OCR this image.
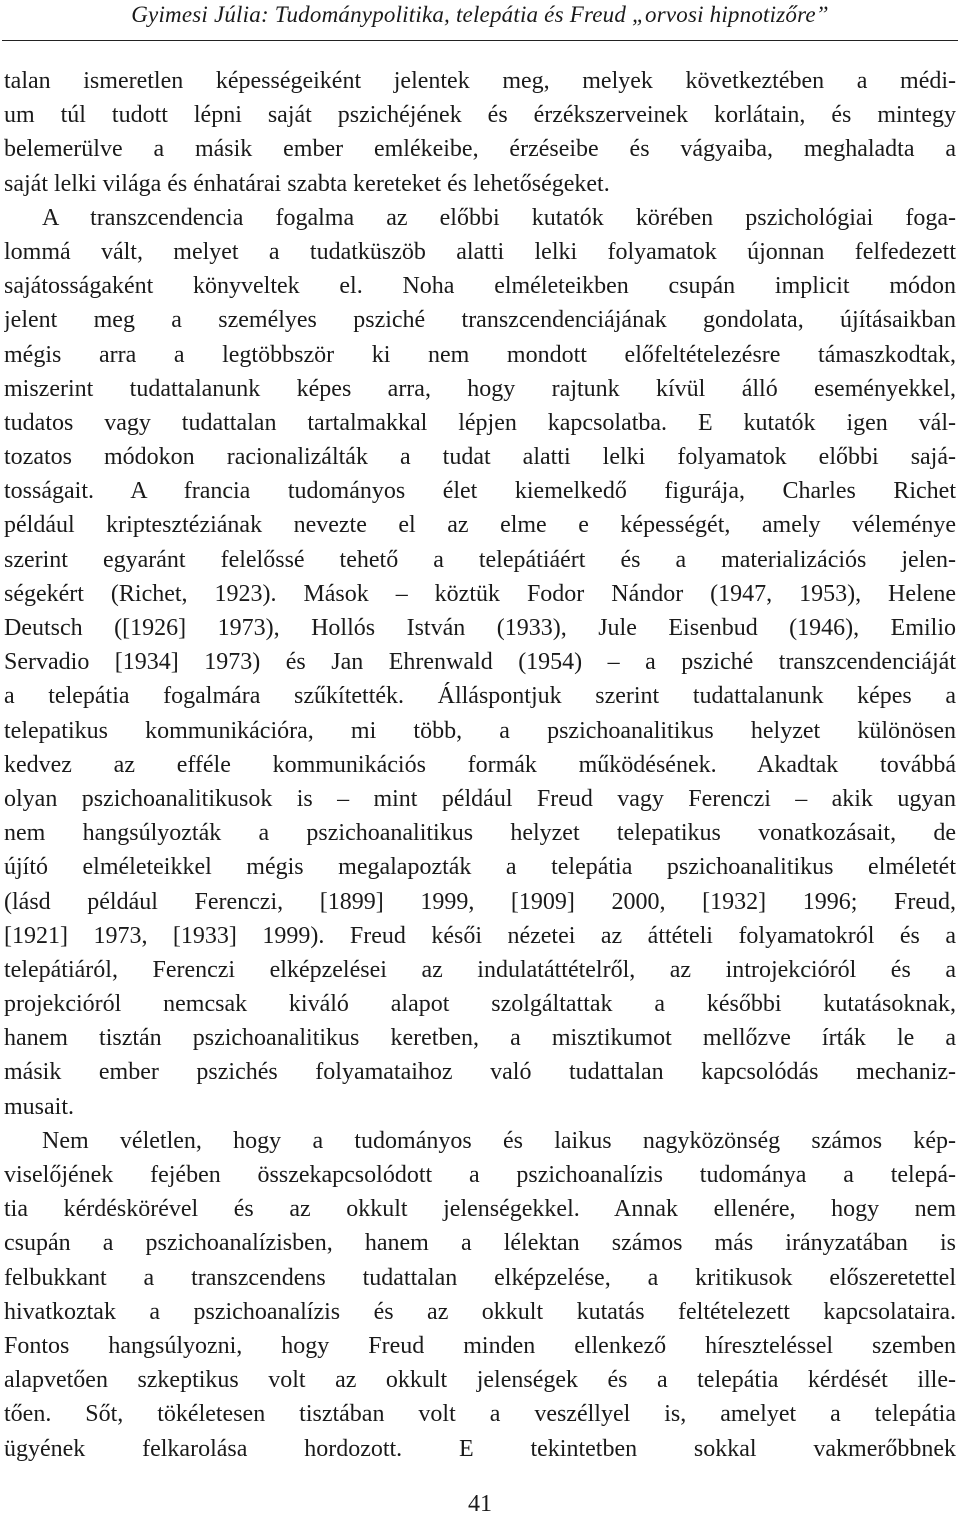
Gyimesi Júlia: Tudománypolitika, telepátia és Freud „orvosi hipnotizőre”
talan ismeretlen képességeiként jelentek meg, melyek következtében a médi-
um túl tudott lépni saját pszichéjének és érzékszerveinek korlátain, és mintegy
belemerülve a másik ember emlékeibe, érzéseibe és vágyaiba, meghaladta a
saját lelki világa és énhatárai szabta kereteket és lehetőségeket.
A transzcendencia fogalma az előbbi kutatók körében pszichológiai foga-
lommá vált, melyet a tudatküszöb alatti lelki folyamatok újonnan felfedezett
sajátosságaként könyveltek el. Noha elméleteikben csupán implicit módon
jelent meg a személyes psziché transzcendenciájának gondolata, újításaikban
mégis arra a legtöbbször ki nem mondott előfeltételezésre támaszkodtak,
miszerint tudattalanunk képes arra, hogy rajtunk kívül álló eseményekkel,
tudatos vagy tudattalan tartalmakkal lépjen kapcsolatba. E kutatók igen vál-
tozatos módokon racionalizálták a tudat alatti lelki folyamatok előbbi sajá-
tosságait. A francia tudományos élet kiemelkedő figurája, Charles Richet
például kriptesztéziának nevezte el az elme e képességét, amely véleménye
szerint egyaránt felelőssé tehető a telepátiáért és a materializációs jelen-
ségekért (Richet, 1923). Mások – köztük Fodor Nándor (1947, 1953), Helene
Deutsch ([1926] 1973), Hollós István (1933), Jule Eisenbud (1946), Emilio
Servadio [1934] 1973) és Jan Ehrenwald (1954) – a psziché transzcendenciáját
a telepátia fogalmára szűkítették. Álláspontjuk szerint tudattalanunk képes a
telepatikus kommunikációra, mi több, a pszichoanalitikus helyzet különösen
kedvez az efféle kommunikációs formák működésének. Akadtak továbbá
olyan pszichoanalitikusok is – mint például Freud vagy Ferenczi – akik ugyan
nem hangsúlyozták a pszichoanalitikus helyzet telepatikus vonatkozásait, de
újító elméleteikkel mégis megalapozták a telepátia pszichoanalitikus elméletét
(lásd például Ferenczi, [1899] 1999, [1909] 2000, [1932] 1996; Freud,
[1921] 1973, [1933] 1999). Freud késői nézetei az áttételi folyamatokról és a
telepátiáról, Ferenczi elképzelései az indulatáttételről, az introjekcióról és a
projekcióról nemcsak kiváló alapot szolgáltattak a későbbi kutatásoknak,
hanem tisztán pszichoanalitikus keretben, a misztikumot mellőzve írták le a
másik ember pszichés folyamataihoz való tudattalan kapcsolódás mechaniz-
musait.
Nem véletlen, hogy a tudományos és laikus nagyközönség számos kép-
viselőjének fejében összekapcsolódott a pszichoanalízis tudománya a telepá-
tia kérdéskörével és az okkult jelenségekkel. Annak ellenére, hogy nem
csupán a pszichoanalízisben, hanem a lélektan számos más irányzatában is
felbukkant a transzcendens tudattalan elképzelése, a kritikusok előszeretettel
hivatkoztak a pszichoanalízis és az okkult kutatás feltételezett kapcsolataira.
Fontos hangsúlyozni, hogy Freud minden ellenkező híreszteléssel szemben
alapvetően szkeptikus volt az okkult jelenségek és a telepátia kérdését ille-
tően. Sőt, tökéletesen tisztában volt a veszéllyel is, amelyet a telepátia
ügyének felkarolása hordozott. E tekintetben sokkal vakmerőbbnek
41
